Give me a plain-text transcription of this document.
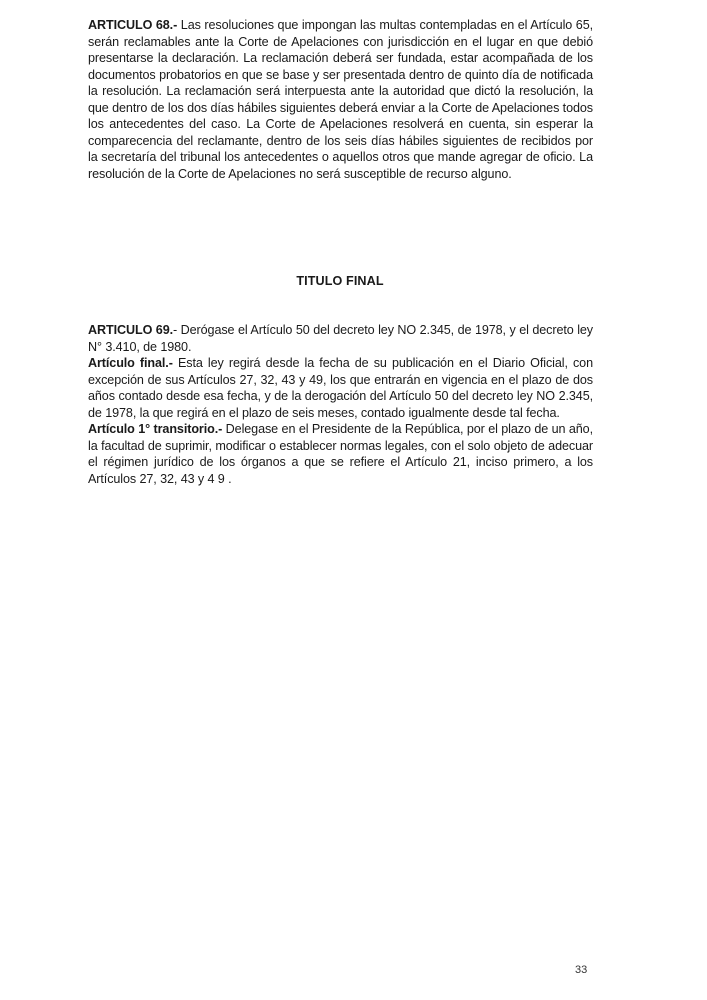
ARTICULO 68.- Las resoluciones que impongan las multas contempladas en el Artículo 65, serán reclamables ante la Corte de Apelaciones con jurisdicción en el lugar en que debió presentarse la declaración. La reclamación deberá ser fundada, estar acompañada de los documentos probatorios en que se base y ser presentada dentro de quinto día de notificada la resolución. La reclamación será interpuesta ante la autoridad que dictó la resolución, la que dentro de los dos días hábiles siguientes deberá enviar a la Corte de Apelaciones todos los antecedentes del caso. La Corte de Apelaciones resolverá en cuenta, sin esperar la comparecencia del reclamante, dentro de los seis días hábiles siguientes de recibidos por la secretaría del tribunal los antecedentes o aquellos otros que mande agregar de oficio. La resolución de la Corte de Apelaciones no será susceptible de recurso alguno.

TITULO FINAL

ARTICULO 69.- Derógase el Artículo 50 del decreto ley NO 2.345, de 1978, y el decreto ley N° 3.410, de 1980.

Artículo final.- Esta ley regirá desde la fecha de su publicación en el Diario Oficial, con excepción de sus Artículos 27, 32, 43 y 49, los que entrarán en vigencia en el plazo de dos años contado desde esa fecha, y de la derogación del Artículo 50 del decreto ley NO 2.345, de 1978, la que regirá en el plazo de seis meses, contado igualmente desde tal fecha.

Artículo 1° transitorio.- Delegase en el Presidente de la República, por el plazo de un año, la facultad de suprimir, modificar o establecer normas legales, con el solo objeto de adecuar el régimen jurídico de los órganos a que se refiere el Artículo 21, inciso primero, a los Artículos 27, 32, 43 y 4 9 .

33
